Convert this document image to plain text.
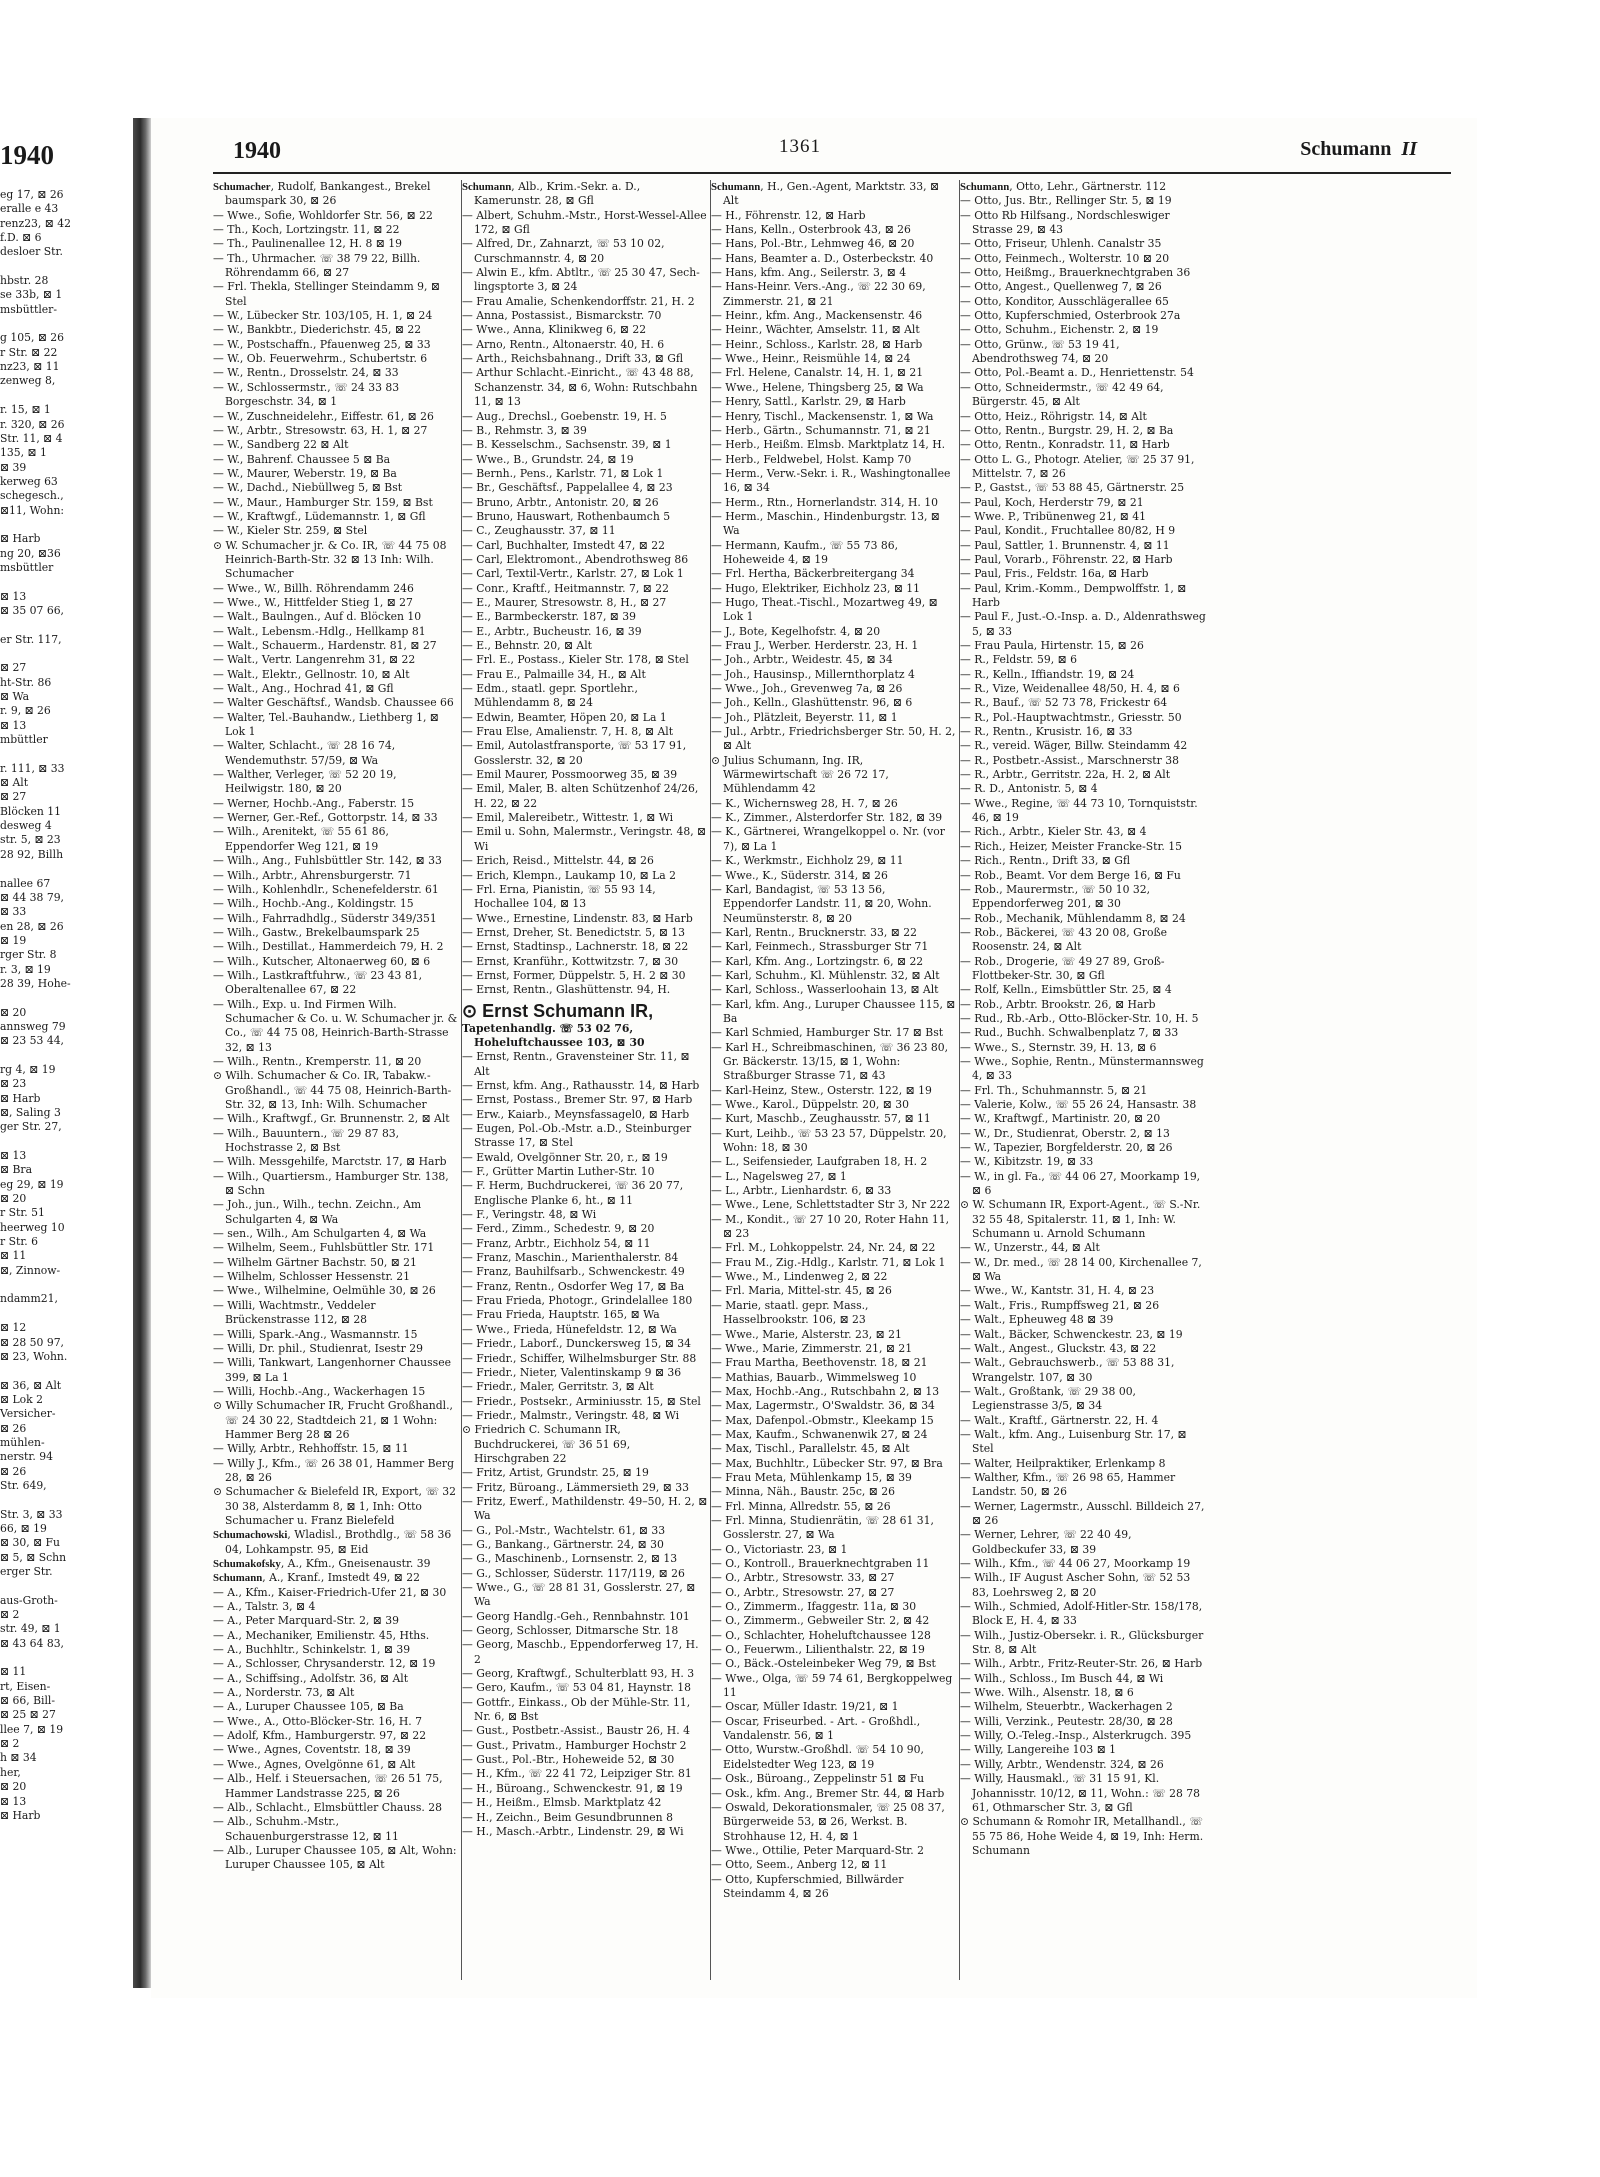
1940
eg 17, ⊠ 26
eralle e 43
renz23, ⊠ 42
f.D. ⊠ 6
desloer Str.

hbstr. 28
se 33b, ⊠ 1
msbüttler-

g 105, ⊠ 26
r Str. ⊠ 22
nz23, ⊠ 11
zenweg 8,

r. 15, ⊠ 1
r. 320, ⊠ 26
Str. 11, ⊠ 4
135, ⊠ 1
⊠ 39
kerweg 63
schegesch.,
⊠11, Wohn:

⊠ Harb
ng 20, ⊠36
msbüttler

⊠ 13
⊠ 35 07 66,

er Str. 117,

⊠ 27
ht-Str. 86
⊠ Wa
r. 9, ⊠ 26
⊠ 13
mbüttler

r. 111, ⊠ 33
⊠ Alt
⊠ 27
Blöcken 11
desweg 4
str. 5, ⊠ 23
28 92, Billh

nallee 67
⊠ 44 38 79,
⊠ 33
en 28, ⊠ 26
⊠ 19
rger Str. 8
r. 3, ⊠ 19
28 39, Hohe-

⊠ 20
annsweg 79
⊠ 23 53 44,

rg 4, ⊠ 19
⊠ 23
⊠ Harb
⊠, Saling 3
ger Str. 27,

⊠ 13
⊠ Bra
eg 29, ⊠ 19
⊠ 20
r Str. 51
heerweg 10
r Str. 6
⊠ 11
⊠, Zinnow-

ndamm21,

⊠ 12
⊠ 28 50 97,
⊠ 23, Wohn.

⊠ 36, ⊠ Alt
⊠ Lok 2
Versicher-
⊠ 26
mühlen-
nerstr. 94
⊠ 26
Str. 649,

Str. 3, ⊠ 33
66, ⊠ 19
⊠ 30, ⊠ Fu
⊠ 5, ⊠ Schn
erger Str.

aus-Groth-
⊠ 2
str. 49, ⊠ 1
⊠ 43 64 83,

⊠ 11
rt, Eisen-
⊠ 66, Bill-
⊠ 25 ⊠ 27
llee 7, ⊠ 19
⊠ 2
h ⊠ 34
her,
⊠ 20
⊠ 13
⊠ Harb
1940	1361	Schumann II
Schumacher, Rudolf, Bankangest., Brekel baumspark 30, ⊠ 26
— Wwe., Sofie, Wohldorfer Str. 56, ⊠ 22
— Th., Koch, Lortzingstr. 11, ⊠ 22
— Th., Paulinenallee 12, H. 8 ⊠ 19
— Th., Uhrmacher. ☏ 38 79 22, Billh. Röhrendamm 66, ⊠ 27
— Frl. Thekla, Stellinger Steindamm 9, ⊠ Stel
— W., Lübecker Str. 103/105, H. 1, ⊠ 24
— W., Bankbtr., Diederichstr. 45, ⊠ 22
— W., Postschaffn., Pfauenweg 25, ⊠ 33
— W., Ob. Feuerwehrm., Schubertstr. 6
— W., Rentn., Drosselstr. 24, ⊠ 33
— W., Schlossermstr., ☏ 24 33 83 Borgeschstr. 34, ⊠ 1
— W., Zuschneidelehr., Eiffestr. 61, ⊠ 26
— W., Arbtr., Stresowstr. 63, H. 1, ⊠ 27
— W., Sandberg 22 ⊠ Alt
— W., Bahrenf. Chaussee 5 ⊠ Ba
— W., Maurer, Weberstr. 19, ⊠ Ba
— W., Dachd., Niebüllweg 5, ⊠ Bst
— W., Maur., Hamburger Str. 159, ⊠ Bst
— W., Kraftwgf., Lüdemannstr. 1, ⊠ Gfl
— W., Kieler Str. 259, ⊠ Stel
⊙ W. Schumacher jr. & Co. IR, ☏ 44 75 08 Heinrich-Barth-Str. 32 ⊠ 13 Inh: Wilh. Schumacher
— Wwe., W., Billh. Röhrendamm 246
— Wwe., W., Hittfelder Stieg 1, ⊠ 27
— Walt., Baulngen., Auf d. Blöcken 10
— Walt., Lebensm.-Hdlg., Hellkamp 81
— Walt., Schauerm., Hardenstr. 81, ⊠ 27
— Walt., Vertr. Langenrehm 31, ⊠ 22
— Walt., Elektr., Gellnostr. 10, ⊠ Alt
— Walt., Ang., Hochrad 41, ⊠ Gfl
— Walter Geschäftsf., Wandsb. Chaussee 66
— Walter, Tel.-Bauhandw., Liethberg 1, ⊠ Lok 1
— Walter, Schlacht., ☏ 28 16 74, Wendemuthstr. 57/59, ⊠ Wa
— Walther, Verleger, ☏ 52 20 19, Heilwigstr. 180, ⊠ 20
— Werner, Hochb.-Ang., Faberstr. 15
— Werner, Ger.-Ref., Gottorpstr. 14, ⊠ 33
— Wilh., Arenitekt, ☏ 55 61 86, Eppendorfer Weg 121, ⊠ 19
— Wilh., Ang., Fuhlsbüttler Str. 142, ⊠ 33
— Wilh., Arbtr., Ahrensburgerstr. 71
— Wilh., Kohlenhdlr., Schenefelderstr. 61
— Wilh., Hochb.-Ang., Koldingstr. 15
— Wilh., Fahrradhdlg., Süderstr 349/351
— Wilh., Gastw., Brekelbaumspark 25
— Wilh., Destillat., Hammerdeich 79, H. 2
— Wilh., Kutscher, Altonaerweg 60, ⊠ 6
— Wilh., Lastkraftfuhrw., ☏ 23 43 81, Oberaltenallee 67, ⊠ 22
— Wilh., Exp. u. Ind Firmen Wilh. Schumacher & Co. u. W. Schumacher jr. & Co., ☏ 44 75 08, Heinrich-Barth-Strasse 32, ⊠ 13
— Wilh., Rentn., Kremperstr. 11, ⊠ 20
⊙ Wilh. Schumacher & Co. IR, Tabakw.-Großhandl., ☏ 44 75 08, Heinrich-Barth-Str. 32, ⊠ 13, Inh: Wilh. Schumacher
— Wilh., Kraftwgf., Gr. Brunnenstr. 2, ⊠ Alt
— Wilh., Bauuntern., ☏ 29 87 83, Hochstrasse 2, ⊠ Bst
— Wilh. Messgehilfe, Marctstr. 17, ⊠ Harb
— Wilh., Quartiersm., Hamburger Str. 138, ⊠ Schn
— Joh., jun., Wilh., techn. Zeichn., Am Schulgarten 4, ⊠ Wa
— sen., Wilh., Am Schulgarten 4, ⊠ Wa
— Wilhelm, Seem., Fuhlsbüttler Str. 171
— Wilhelm Gärtner Bachstr. 50, ⊠ 21
— Wilhelm, Schlosser Hessenstr. 21
— Wwe., Wilhelmine, Oelmühle 30, ⊠ 26
— Willi, Wachtmstr., Veddeler Brückenstrasse 112, ⊠ 28
— Willi, Spark.-Ang., Wasmannstr. 15
— Willi, Dr. phil., Studienrat, Isestr 29
— Willi, Tankwart, Langenhorner Chaussee 399, ⊠ La 1
— Willi, Hochb.-Ang., Wackerhagen 15
⊙ Willy Schumacher IR, Frucht Großhandl., ☏ 24 30 22, Stadtdeich 21, ⊠ 1 Wohn: Hammer Berg 28 ⊠ 26
— Willy, Arbtr., Rehhoffstr. 15, ⊠ 11
— Willy J., Kfm., ☏ 26 38 01, Hammer Berg 28, ⊠ 26
⊙ Schumacher & Bielefeld IR, Export, ☏ 32 30 38, Alsterdamm 8, ⊠ 1, Inh: Otto Schumacher u. Franz Bielefeld
Schumachowski, Wladisl., Brothdlg., ☏ 58 36 04, Lohkampstr. 95, ⊠ Eid
Schumakofsky, A., Kfm., Gneisenaustr. 39
Schumann, A., Kranf., Imstedt 49, ⊠ 22
— A., Kfm., Kaiser-Friedrich-Ufer 21, ⊠ 30
— A., Talstr. 3, ⊠ 4
— A., Peter Marquard-Str. 2, ⊠ 39
— A., Mechaniker, Emilienstr. 45, Hths.
— A., Buchhltr., Schinkelstr. 1, ⊠ 39
— A., Schlosser, Chrysanderstr. 12, ⊠ 19
— A., Schiffsing., Adolfstr. 36, ⊠ Alt
— A., Norderstr. 73, ⊠ Alt
— A., Luruper Chaussee 105, ⊠ Ba
— Wwe., A., Otto-Blöcker-Str. 16, H. 7
— Adolf, Kfm., Hamburgerstr. 97, ⊠ 22
— Wwe., Agnes, Coventstr. 18, ⊠ 39
— Wwe., Agnes, Ovelgönne 61, ⊠ Alt
— Alb., Helf. i Steuersachen, ☏ 26 51 75, Hammer Landstrasse 225, ⊠ 26
— Alb., Schlacht., Elmsbüttler Chauss. 28
— Alb., Schuhm.-Mstr., Schauenburgerstrasse 12, ⊠ 11
— Alb., Luruper Chaussee 105, ⊠ Alt, Wohn: Luruper Chaussee 105, ⊠ Alt
Schumann, Alb., Krim.-Sekr. a. D., Kamerunstr. 28, ⊠ Gfl
— Albert, Schuhm.-Mstr., Horst-Wessel-Allee 172, ⊠ Gfl
— Alfred, Dr., Zahnarzt, ☏ 53 10 02, Curschmannstr. 4, ⊠ 20
— Alwin E., kfm. Abtltr., ☏ 25 30 47, Sech-lingsptorte 3, ⊠ 24
— Frau Amalie, Schenkendorffstr. 21, H. 2
— Anna, Postassist., Bismarckstr. 70
— Wwe., Anna, Klinikweg 6, ⊠ 22
— Arno, Rentn., Altonaerstr. 40, H. 6
— Arth., Reichsbahnang., Drift 33, ⊠ Gfl
— Arthur Schlacht.-Einricht., ☏ 43 48 88, Schanzenstr. 34, ⊠ 6, Wohn: Rutschbahn 11, ⊠ 13
— Aug., Drechsl., Goebenstr. 19, H. 5
— B., Rehmstr. 3, ⊠ 39
— B. Kesselschm., Sachsenstr. 39, ⊠ 1
— Wwe., B., Grundstr. 24, ⊠ 19
— Bernh., Pens., Karlstr. 71, ⊠ Lok 1
— Br., Geschäftsf., Pappelallee 4, ⊠ 23
— Bruno, Arbtr., Antonistr. 20, ⊠ 26
— Bruno, Hauswart, Rothenbaumch 5
— C., Zeughausstr. 37, ⊠ 11
— Carl, Buchhalter, Imstedt 47, ⊠ 22
— Carl, Elektromont., Abendrothsweg 86
— Carl, Textil-Vertr., Karlstr. 27, ⊠ Lok 1
— Conr., Kraftf., Heitmannstr. 7, ⊠ 22
— E., Maurer, Stresowstr. 8, H., ⊠ 27
— E., Barmbeckerstr. 187, ⊠ 39
— E., Arbtr., Bucheustr. 16, ⊠ 39
— E., Behnstr. 20, ⊠ Alt
— Frl. E., Postass., Kieler Str. 178, ⊠ Stel
— Frau E., Palmaille 34, H., ⊠ Alt
— Edm., staatl. gepr. Sportlehr., Mühlendamm 8, ⊠ 24
— Edwin, Beamter, Höpen 20, ⊠ La 1
— Frau Else, Amalienstr. 7, H. 8, ⊠ Alt
— Emil, Autolastfransporte, ☏ 53 17 91, Gosslerstr. 32, ⊠ 20
— Emil Maurer, Possmoorweg 35, ⊠ 39
— Emil, Maler, B. alten Schützenhof 24/26, H. 22, ⊠ 22
— Emil, Malereibetr., Wittestr. 1, ⊠ Wi
— Emil u. Sohn, Malermstr., Veringstr. 48, ⊠ Wi
— Erich, Reisd., Mittelstr. 44, ⊠ 26
— Erich, Klempn., Laukamp 10, ⊠ La 2
— Frl. Erna, Pianistin, ☏ 55 93 14, Hochallee 104, ⊠ 13
— Wwe., Ernestine, Lindenstr. 83, ⊠ Harb
— Ernst, Dreher, St. Benedictstr. 5, ⊠ 13
— Ernst, Stadtinsp., Lachnerstr. 18, ⊠ 22
— Ernst, Kranführ., Kottwitzstr. 7, ⊠ 30
— Ernst, Former, Düppelstr. 5, H. 2 ⊠ 30
— Ernst, Rentn., Glashüttenstr. 94, H.
⊙ Ernst Schumann IR,
Tapetenhandlg. ☏ 53 02 76, Hoheluftchaussee 103, ⊠ 30
— Ernst, Rentn., Gravensteiner Str. 11, ⊠ Alt
— Ernst, kfm. Ang., Rathausstr. 14, ⊠ Harb
— Ernst, Postass., Bremer Str. 97, ⊠ Harb
— Erw., Kaiarb., Meynsfassagel0, ⊠ Harb
— Eugen, Pol.-Ob.-Mstr. a.D., Steinburger Strasse 17, ⊠ Stel
— Ewald, Ovelgönner Str. 20, r., ⊠ 19
— F., Grütter Martin Luther-Str. 10
— F. Herm, Buchdruckerei, ☏ 36 20 77, Englische Planke 6, ht., ⊠ 11
— F., Veringstr. 48, ⊠ Wi
— Ferd., Zimm., Schedestr. 9, ⊠ 20
— Franz, Arbtr., Eichholz 54, ⊠ 11
— Franz, Maschin., Marienthalerstr. 84
— Franz, Bauhilfsarb., Schwenckestr. 49
— Franz, Rentn., Osdorfer Weg 17, ⊠ Ba
— Frau Frieda, Photogr., Grindelallee 180
— Frau Frieda, Hauptstr. 165, ⊠ Wa
— Wwe., Frieda, Hünefeldstr. 12, ⊠ Wa
— Friedr., Laborf., Dunckersweg 15, ⊠ 34
— Friedr., Schiffer, Wilhelmsburger Str. 88
— Friedr., Nieter, Valentinskamp 9 ⊠ 36
— Friedr., Maler, Gerritstr. 3, ⊠ Alt
— Friedr., Postsekr., Arminiusstr. 15, ⊠ Stel
— Friedr., Malmstr., Veringstr. 48, ⊠ Wi
⊙ Friedrich C. Schumann IR, Buchdruckerei, ☏ 36 51 69, Hirschgraben 22
— Fritz, Artist, Grundstr. 25, ⊠ 19
— Fritz, Büroang., Lämmersieth 29, ⊠ 33
— Fritz, Ewerf., Mathildenstr. 49–50, H. 2, ⊠ Wa
— G., Pol.-Mstr., Wachtelstr. 61, ⊠ 33
— G., Bankang., Gärtnerstr. 24, ⊠ 30
— G., Maschinenb., Lornsenstr. 2, ⊠ 13
— G., Schlosser, Süderstr. 117/119, ⊠ 26
— Wwe., G., ☏ 28 81 31, Gosslerstr. 27, ⊠ Wa
— Georg Handlg.-Geh., Rennbahnstr. 101
— Georg, Schlosser, Ditmarsche Str. 18
— Georg, Maschb., Eppendorferweg 17, H. 2
— Georg, Kraftwgf., Schulterblatt 93, H. 3
— Gero, Kaufm., ☏ 53 04 81, Haynstr. 18
— Gottfr., Einkass., Ob der Mühle-Str. 11, Nr. 6, ⊠ Bst
— Gust., Postbetr.-Assist., Baustr 26, H. 4
— Gust., Privatm., Hamburger Hochstr 2
— Gust., Pol.-Btr., Hoheweide 52, ⊠ 30
— H., Kfm., ☏ 22 41 72, Leipziger Str. 81
— H., Büroang., Schwenckestr. 91, ⊠ 19
— H., Heißm., Elmsb. Marktplatz 42
— H., Zeichn., Beim Gesundbrunnen 8
— H., Masch.-Arbtr., Lindenstr. 29, ⊠ Wi
Schumann, H., Gen.-Agent, Marktstr. 33, ⊠ Alt
— H., Föhrenstr. 12, ⊠ Harb
— Hans, Kelln., Osterbrook 43, ⊠ 26
— Hans, Pol.-Btr., Lehmweg 46, ⊠ 20
— Hans, Beamter a. D., Osterbeckstr. 40
— Hans, kfm. Ang., Seilerstr. 3, ⊠ 4
— Hans-Heinr. Vers.-Ang., ☏ 22 30 69, Zimmerstr. 21, ⊠ 21
— Heinr., kfm. Ang., Mackensenstr. 46
— Heinr., Wächter, Amselstr. 11, ⊠ Alt
— Heinr., Schloss., Karlstr. 28, ⊠ Harb
— Wwe., Heinr., Reismühle 14, ⊠ 24
— Frl. Helene, Canalstr. 14, H. 1, ⊠ 21
— Wwe., Helene, Thingsberg 25, ⊠ Wa
— Henry, Sattl., Karlstr. 29, ⊠ Harb
— Henry, Tischl., Mackensenstr. 1, ⊠ Wa
— Herb., Gärtn., Schumannstr. 71, ⊠ 21
— Herb., Heißm. Elmsb. Marktplatz 14, H.
— Herb., Feldwebel, Holst. Kamp 70
— Herm., Verw.-Sekr. i. R., Washingtonallee 16, ⊠ 34
— Herm., Rtn., Hornerlandstr. 314, H. 10
— Herm., Maschin., Hindenburgstr. 13, ⊠ Wa
— Hermann, Kaufm., ☏ 55 73 86, Hoheweide 4, ⊠ 19
— Frl. Hertha, Bäckerbreitergang 34
— Hugo, Elektriker, Eichholz 23, ⊠ 11
— Hugo, Theat.-Tischl., Mozartweg 49, ⊠ Lok 1
— J., Bote, Kegelhofstr. 4, ⊠ 20
— Frau J., Werber. Herderstr. 23, H. 1
— Joh., Arbtr., Weidestr. 45, ⊠ 34
— Joh., Hausinsp., Millernthorplatz 4
— Wwe., Joh., Grevenweg 7a, ⊠ 26
— Joh., Kelln., Glashüttenstr. 96, ⊠ 6
— Joh., Plätzleit, Beyerstr. 11, ⊠ 1
— Jul., Arbtr., Friedrichsberger Str. 50, H. 2, ⊠ Alt
⊙ Julius Schumann, Ing. IR, Wärmewirtschaft ☏ 26 72 17, Mühlendamm 42
— K., Wichernsweg 28, H. 7, ⊠ 26
— K., Zimmer., Alsterdorfer Str. 182, ⊠ 39
— K., Gärtnerei, Wrangelkoppel o. Nr. (vor 7), ⊠ La 1
— K., Werkmstr., Eichholz 29, ⊠ 11
— Wwe., K., Süderstr. 314, ⊠ 26
— Karl, Bandagist, ☏ 53 13 56, Eppendorfer Landstr. 11, ⊠ 20, Wohn. Neumünsterstr. 8, ⊠ 20
— Karl, Rentn., Brucknerstr. 33, ⊠ 22
— Karl, Feinmech., Strassburger Str 71
— Karl, Kfm. Ang., Lortzingstr. 6, ⊠ 22
— Karl, Schuhm., Kl. Mühlenstr. 32, ⊠ Alt
— Karl, Schloss., Wasserloohain 13, ⊠ Alt
— Karl, kfm. Ang., Luruper Chaussee 115, ⊠ Ba
— Karl Schmied, Hamburger Str. 17 ⊠ Bst
— Karl H., Schreibmaschinen, ☏ 36 23 80, Gr. Bäckerstr. 13/15, ⊠ 1, Wohn: Straßburger Strasse 71, ⊠ 43
— Karl-Heinz, Stew., Osterstr. 122, ⊠ 19
— Wwe., Karol., Düppelstr. 20, ⊠ 30
— Kurt, Maschb., Zeughausstr. 57, ⊠ 11
— Kurt, Leihb., ☏ 53 23 57, Düppelstr. 20, Wohn: 18, ⊠ 30
— L., Seifensieder, Laufgraben 18, H. 2
— L., Nagelsweg 27, ⊠ 1
— L., Arbtr., Lienhardstr. 6, ⊠ 33
— Wwe., Lene, Schlettstadter Str 3, Nr 222
— M., Kondit., ☏ 27 10 20, Roter Hahn 11, ⊠ 23
— Frl. M., Lohkoppelstr. 24, Nr. 24, ⊠ 22
— Frau M., Zig.-Hdlg., Karlstr. 71, ⊠ Lok 1
— Wwe., M., Lindenweg 2, ⊠ 22
— Frl. Maria, Mittel-str. 45, ⊠ 26
— Marie, staatl. gepr. Mass., Hasselbrookstr. 106, ⊠ 23
— Wwe., Marie, Alsterstr. 23, ⊠ 21
— Wwe., Marie, Zimmerstr. 21, ⊠ 21
— Frau Martha, Beethovenstr. 18, ⊠ 21
— Mathias, Bauarb., Wimmelsweg 10
— Max, Hochb.-Ang., Rutschbahn 2, ⊠ 13
— Max, Lagermstr., O'Swaldstr. 36, ⊠ 34
— Max, Dafenpol.-Obmstr., Kleekamp 15
— Max, Kaufm., Schwanenwik 27, ⊠ 24
— Max, Tischl., Parallelstr. 45, ⊠ Alt
— Max, Buchhltr., Lübecker Str. 97, ⊠ Bra
— Frau Meta, Mühlenkamp 15, ⊠ 39
— Minna, Näh., Baustr. 25c, ⊠ 26
— Frl. Minna, Allredstr. 55, ⊠ 26
— Frl. Minna, Studienrätin, ☏ 28 61 31, Gosslerstr. 27, ⊠ Wa
— O., Victoriastr. 23, ⊠ 1
— O., Kontroll., Brauerknechtgraben 11
— O., Arbtr., Stresowstr. 33, ⊠ 27
— O., Arbtr., Stresowstr. 27, ⊠ 27
— O., Zimmerm., Ifaggestr. 11a, ⊠ 30
— O., Zimmerm., Gebweiler Str. 2, ⊠ 42
— O., Schlachter, Hoheluftchaussee 128
— O., Feuerwm., Lilienthalstr. 22, ⊠ 19
— O., Bäck.-Osteleinbeker Weg 79, ⊠ Bst
— Wwe., Olga, ☏ 59 74 61, Bergkoppelweg 11
— Oscar, Müller Idastr. 19/21, ⊠ 1
— Oscar, Friseurbed. - Art. - Großhdl., Vandalenstr. 56, ⊠ 1
— Otto, Wurstw.-Großhdl. ☏ 54 10 90, Eidelstedter Weg 123, ⊠ 19
— Osk., Büroang., Zeppelinstr 51 ⊠ Fu
— Osk., kfm. Ang., Bremer Str. 44, ⊠ Harb
— Oswald, Dekorationsmaler, ☏ 25 08 37, Bürgerweide 53, ⊠ 26, Werkst. B. Strohhause 12, H. 4, ⊠ 1
— Wwe., Ottilie, Peter Marquard-Str. 2
— Otto, Seem., Anberg 12, ⊠ 11
— Otto, Kupferschmied, Billwärder Steindamm 4, ⊠ 26
Schumann, Otto, Lehr., Gärtnerstr. 112
— Otto, Jus. Btr., Rellinger Str. 5, ⊠ 19
— Otto Rb Hilfsang., Nordschleswiger Strasse 29, ⊠ 43
— Otto, Friseur, Uhlenh. Canalstr 35
— Otto, Feinmech., Wolterstr. 10 ⊠ 20
— Otto, Heißmg., Brauerknechtgraben 36
— Otto, Angest., Quellenweg 7, ⊠ 26
— Otto, Konditor, Ausschlägerallee 65
— Otto, Kupferschmied, Osterbrook 27a
— Otto, Schuhm., Eichenstr. 2, ⊠ 19
— Otto, Grünw., ☏ 53 19 41, Abendrothsweg 74, ⊠ 20
— Otto, Pol.-Beamt a. D., Henriettenstr. 54
— Otto, Schneidermstr., ☏ 42 49 64, Bürgerstr. 45, ⊠ Alt
— Otto, Heiz., Röhrigstr. 14, ⊠ Alt
— Otto, Rentn., Burgstr. 29, H. 2, ⊠ Ba
— Otto, Rentn., Konradstr. 11, ⊠ Harb
— Otto L. G., Photogr. Atelier, ☏ 25 37 91, Mittelstr. 7, ⊠ 26
— P., Gastst., ☏ 53 88 45, Gärtnerstr. 25
— Paul, Koch, Herderstr 79, ⊠ 21
— Wwe. P., Tribünenweg 21, ⊠ 41
— Paul, Kondit., Fruchtallee 80/82, H 9
— Paul, Sattler, 1. Brunnenstr. 4, ⊠ 11
— Paul, Vorarb., Föhrenstr. 22, ⊠ Harb
— Paul, Fris., Feldstr. 16a, ⊠ Harb
— Paul, Krim.-Komm., Dempwolffstr. 1, ⊠ Harb
— Paul F., Just.-O.-Insp. a. D., Aldenrathsweg 5, ⊠ 33
— Frau Paula, Hirtenstr. 15, ⊠ 26
— R., Feldstr. 59, ⊠ 6
— R., Kelln., Iffiandstr. 19, ⊠ 24
— R., Vize, Weidenallee 48/50, H. 4, ⊠ 6
— R., Bauf., ☏ 52 73 78, Frickestr 64
— R., Pol.-Hauptwachtmstr., Griesstr. 50
— R., Rentn., Krusistr. 16, ⊠ 33
— R., vereid. Wäger, Billw. Steindamm 42
— R., Postbetr.-Assist., Marschnerstr 38
— R., Arbtr., Gerritstr. 22a, H. 2, ⊠ Alt
— R. D., Antonistr. 5, ⊠ 4
— Wwe., Regine, ☏ 44 73 10, Tornquiststr. 46, ⊠ 19
— Rich., Arbtr., Kieler Str. 43, ⊠ 4
— Rich., Heizer, Meister Francke-Str. 15
— Rich., Rentn., Drift 33, ⊠ Gfl
— Rob., Beamt. Vor dem Berge 16, ⊠ Fu
— Rob., Maurermstr., ☏ 50 10 32, Eppendorferweg 201, ⊠ 30
— Rob., Mechanik, Mühlendamm 8, ⊠ 24
— Rob., Bäckerei, ☏ 43 20 08, Große Roosenstr. 24, ⊠ Alt
— Rob., Drogerie, ☏ 49 27 89, Groß-Flottbeker-Str. 30, ⊠ Gfl
— Rolf, Kelln., Eimsbüttler Str. 25, ⊠ 4
— Rob., Arbtr. Brookstr. 26, ⊠ Harb
— Rud., Rb.-Arb., Otto-Blöcker-Str. 10, H. 5
— Rud., Buchh. Schwalbenplatz 7, ⊠ 33
— Wwe., S., Sternstr. 39, H. 13, ⊠ 6
— Wwe., Sophie, Rentn., Münstermannsweg 4, ⊠ 33
— Frl. Th., Schuhmannstr. 5, ⊠ 21
— Valerie, Kolw., ☏ 55 26 24, Hansastr. 38
— W., Kraftwgf., Martinistr. 20, ⊠ 20
— W., Dr., Studienrat, Oberstr. 2, ⊠ 13
— W., Tapezier, Borgfelderstr. 20, ⊠ 26
— W., Kibitzstr. 19, ⊠ 33
— W., in gl. Fa., ☏ 44 06 27, Moorkamp 19, ⊠ 6
⊙ W. Schumann IR, Export-Agent., ☏ S.-Nr. 32 55 48, Spitalerstr. 11, ⊠ 1, Inh: W. Schumann u. Arnold Schumann
— W., Unzerstr., 44, ⊠ Alt
— W., Dr. med., ☏ 28 14 00, Kirchenallee 7, ⊠ Wa
— Wwe., W., Kantstr. 31, H. 4, ⊠ 23
— Walt., Fris., Rumpffsweg 21, ⊠ 26
— Walt., Epheuweg 48 ⊠ 39
— Walt., Bäcker, Schwenckestr. 23, ⊠ 19
— Walt., Angest., Gluckstr. 43, ⊠ 22
— Walt., Gebrauchswerb., ☏ 53 88 31, Wrangelstr. 107, ⊠ 30
— Walt., Großtank, ☏ 29 38 00, Legienstrasse 3/5, ⊠ 34
— Walt., Kraftf., Gärtnerstr. 22, H. 4
— Walt., kfm. Ang., Luisenburg Str. 17, ⊠ Stel
— Walter, Heilpraktiker, Erlenkamp 8
— Walther, Kfm., ☏ 26 98 65, Hammer Landstr. 50, ⊠ 26
— Werner, Lagermstr., Ausschl. Billdeich 27, ⊠ 26
— Werner, Lehrer, ☏ 22 40 49, Goldbeckufer 33, ⊠ 39
— Wilh., Kfm., ☏ 44 06 27, Moorkamp 19
— Wilh., IF August Ascher Sohn, ☏ 52 53 83, Loehrsweg 2, ⊠ 20
— Wilh., Schmied, Adolf-Hitler-Str. 158/178, Block E, H. 4, ⊠ 33
— Wilh., Justiz-Obersekr. i. R., Glücksburger Str. 8, ⊠ Alt
— Wilh., Arbtr., Fritz-Reuter-Str. 26, ⊠ Harb
— Wilh., Schloss., Im Busch 44, ⊠ Wi
— Wwe. Wilh., Alsenstr. 18, ⊠ 6
— Wilhelm, Steuerbtr., Wackerhagen 2
— Willi, Verzink., Peutestr. 28/30, ⊠ 28
— Willy, O.-Teleg.-Insp., Alsterkrugch. 395
— Willy, Langereihe 103 ⊠ 1
— Willy, Arbtr., Wendenstr. 324, ⊠ 26
— Willy, Hausmakl., ☏ 31 15 91, Kl. Johannisstr. 10/12, ⊠ 11, Wohn.: ☏ 28 78 61, Othmarscher Str. 3, ⊠ Gfl
⊙ Schumann & Romohr IR, Metallhandl., ☏ 55 75 86, Hohe Weide 4, ⊠ 19, Inh: Herm. Schumann
